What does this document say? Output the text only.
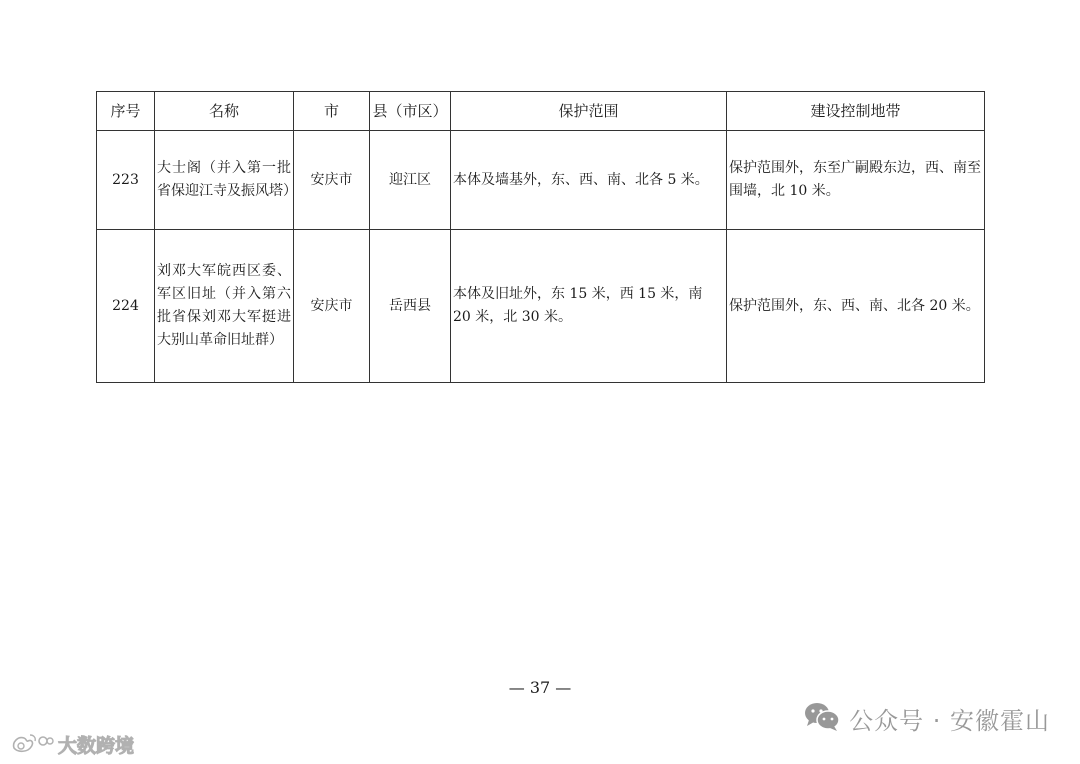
序号	名称	市	县（市区）	保护范围	建设控制地带
223	大士阁（并入第一批省保迎江寺及振风塔）	安庆市	迎江区	本体及墙基外，东、西、南、北各 5 米。	保护范围外，东至广嗣殿东边，西、南至围墙，北 10 米。
224	刘邓大军皖西区委、军区旧址（并入第六批省保刘邓大军挺进大别山革命旧址群）	安庆市	岳西县	本体及旧址外，东 15 米，西 15 米，南 20 米，北 30 米。	保护范围外，东、西、南、北各 20 米。
— 37 —
大数跨境
公众号 · 安徽霍山
